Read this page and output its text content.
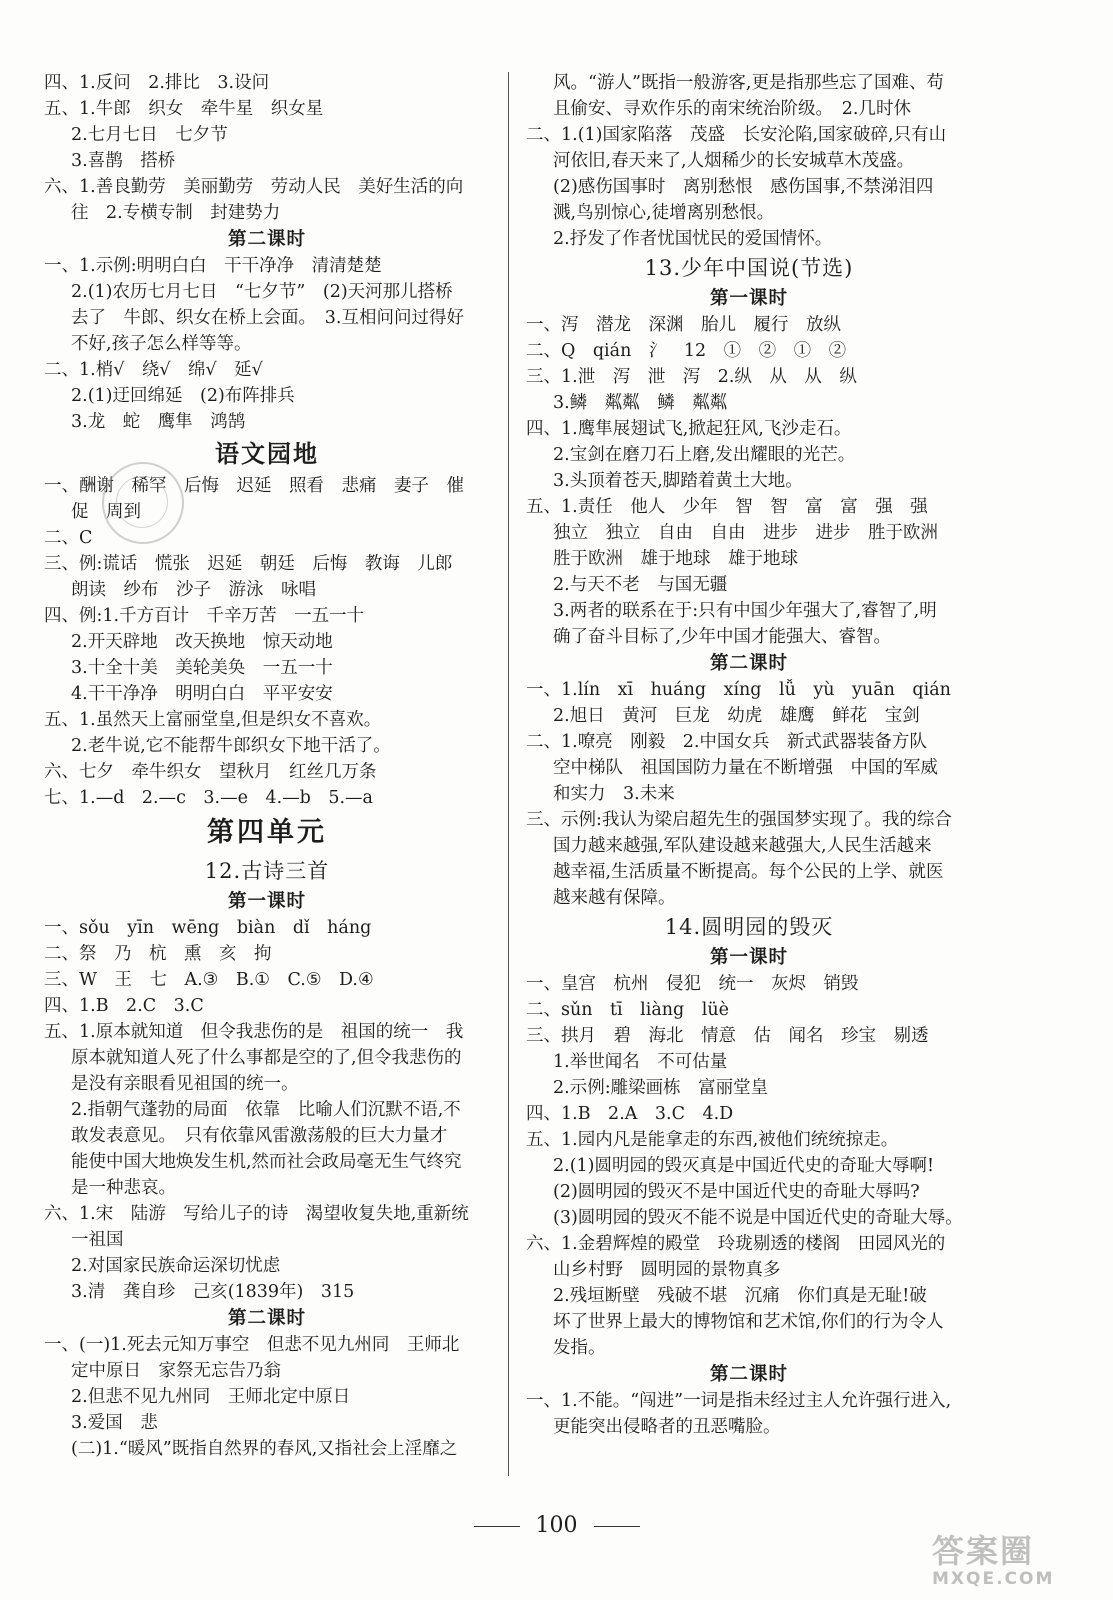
四、1.反问　2.排比　3.设问
五、1.牛郎　织女　牵牛星　织女星
2.七月七日　七夕节
3.喜鹊　搭桥
六、1.善良勤劳　美丽勤劳　劳动人民　美好生活的向
往　2.专横专制　封建势力
第二课时
一、1.示例:明明白白　干干净净　清清楚楚
2.(1)农历七月七日　“七夕节”　(2)天河那儿搭桥
去了　牛郎、织女在桥上会面。　3.互相问问过得好
不好,孩子怎么样等等。
二、1.梢√　绕√　绵√　延√
2.(1)迂回绵延　(2)布阵排兵
3.龙　蛇　鹰隼　鸿鹄
语文园地
一、酬谢　稀罕　后悔　迟延　照看　悲痛　妻子　催
促　周到
二、C
三、例:谎话　慌张　迟延　朝廷　后悔　教诲　儿郎
朗读　纱布　沙子　游泳　咏唱
四、例:1.千方百计　千辛万苦　一五一十
2.开天辟地　改天换地　惊天动地
3.十全十美　美轮美奂　一五一十
4.干干净净　明明白白　平平安安
五、1.虽然天上富丽堂皇,但是织女不喜欢。
2.老牛说,它不能帮牛郎织女下地干活了。
六、七夕　牵牛织女　望秋月　红丝几万条
七、1.—d　2.—c　3.—e　4.—b　5.—a
第四单元
12.古诗三首
第一课时
一、sǒu　yīn　wēng　biàn　dǐ　háng
二、祭　乃　杭　熏　亥　拘
三、W　王　七　A.③　B.①　C.⑤　D.④
四、1.B　2.C　3.C
五、1.原本就知道　但令我悲伤的是　祖国的统一　我
原本就知道人死了什么事都是空的了,但令我悲伤的
是没有亲眼看见祖国的统一。
2.指朝气蓬勃的局面　依靠　比喻人们沉默不语,不
敢发表意见。　只有依靠风雷激荡般的巨大力量才
能使中国大地焕发生机,然而社会政局毫无生气终究
是一种悲哀。
六、1.宋　陆游　写给儿子的诗　渴望收复失地,重新统
一祖国
2.对国家民族命运深切忧虑
3.清　龚自珍　己亥(1839年)　315
第二课时
一、(一)1.死去元知万事空　但悲不见九州同　王师北
定中原日　家祭无忘告乃翁
2.但悲不见九州同　王师北定中原日
3.爱国　悲
(二)1.“暖风”既指自然界的春风,又指社会上淫靡之
风。“游人”既指一般游客,更是指那些忘了国难、苟
且偷安、寻欢作乐的南宋统治阶级。　2.几时休
二、1.(1)国家陷落　茂盛　长安沦陷,国家破碎,只有山
河依旧,春天来了,人烟稀少的长安城草木茂盛。
(2)感伤国事时　离别愁恨　感伤国事,不禁涕泪四
溅,鸟别惊心,徒增离别愁恨。
2.抒发了作者忧国忧民的爱国情怀。
13.少年中国说(节选)
第一课时
一、泻　潜龙　深渊　胎儿　履行　放纵
二、Q　qián　氵　12　①　②　①　②
三、1.泄　泻　泄　泻　2.纵　从　从　纵
3.鳞　粼粼　鳞　粼粼
四、1.鹰隼展翅试飞,掀起狂风,飞沙走石。
2.宝剑在磨刀石上磨,发出耀眼的光芒。
3.头顶着苍天,脚踏着黄土大地。
五、1.责任　他人　少年　智　智　富　富　强　强
独立　独立　自由　自由　进步　进步　胜于欧洲
胜于欧洲　雄于地球　雄于地球
2.与天不老　与国无疆
3.两者的联系在于:只有中国少年强大了,睿智了,明
确了奋斗目标了,少年中国才能强大、睿智。
第二课时
一、1.lín　xī　huáng　xíng　lǚ　yù　yuān　qián
2.旭日　黄河　巨龙　幼虎　雄鹰　鲜花　宝剑
二、1.嘹亮　刚毅　2.中国女兵　新式武器装备方队
空中梯队　祖国国防力量在不断增强　中国的军威
和实力　3.未来
三、示例:我认为梁启超先生的强国梦实现了。我的综合
国力越来越强,军队建设越来越强大,人民生活越来
越幸福,生活质量不断提高。每个公民的上学、就医
越来越有保障。
14.圆明园的毁灭
第一课时
一、皇宫　杭州　侵犯　统一　灰烬　销毁
二、sǔn　tī　liàng　lüè
三、拱月　碧　海北　情意　估　闻名　珍宝　剔透
1.举世闻名　不可估量
2.示例:雕梁画栋　富丽堂皇
四、1.B　2.A　3.C　4.D
五、1.园内凡是能拿走的东西,被他们统统掠走。
2.(1)圆明园的毁灭真是中国近代史的奇耻大辱啊!
(2)圆明园的毁灭不是中国近代史的奇耻大辱吗?
(3)圆明园的毁灭不能不说是中国近代史的奇耻大辱。
六、1.金碧辉煌的殿堂　玲珑剔透的楼阁　田园风光的
山乡村野　圆明园的景物真多
2.残垣断壁　残破不堪　沉痛　你们真是无耻!破
坏了世界上最大的博物馆和艺术馆,你们的行为令人
发指。
第二课时
一、1.不能。“闯进”一词是指未经过主人允许强行进入,
更能突出侵略者的丑恶嘴脸。
100
答案圈
MXQE.COM
